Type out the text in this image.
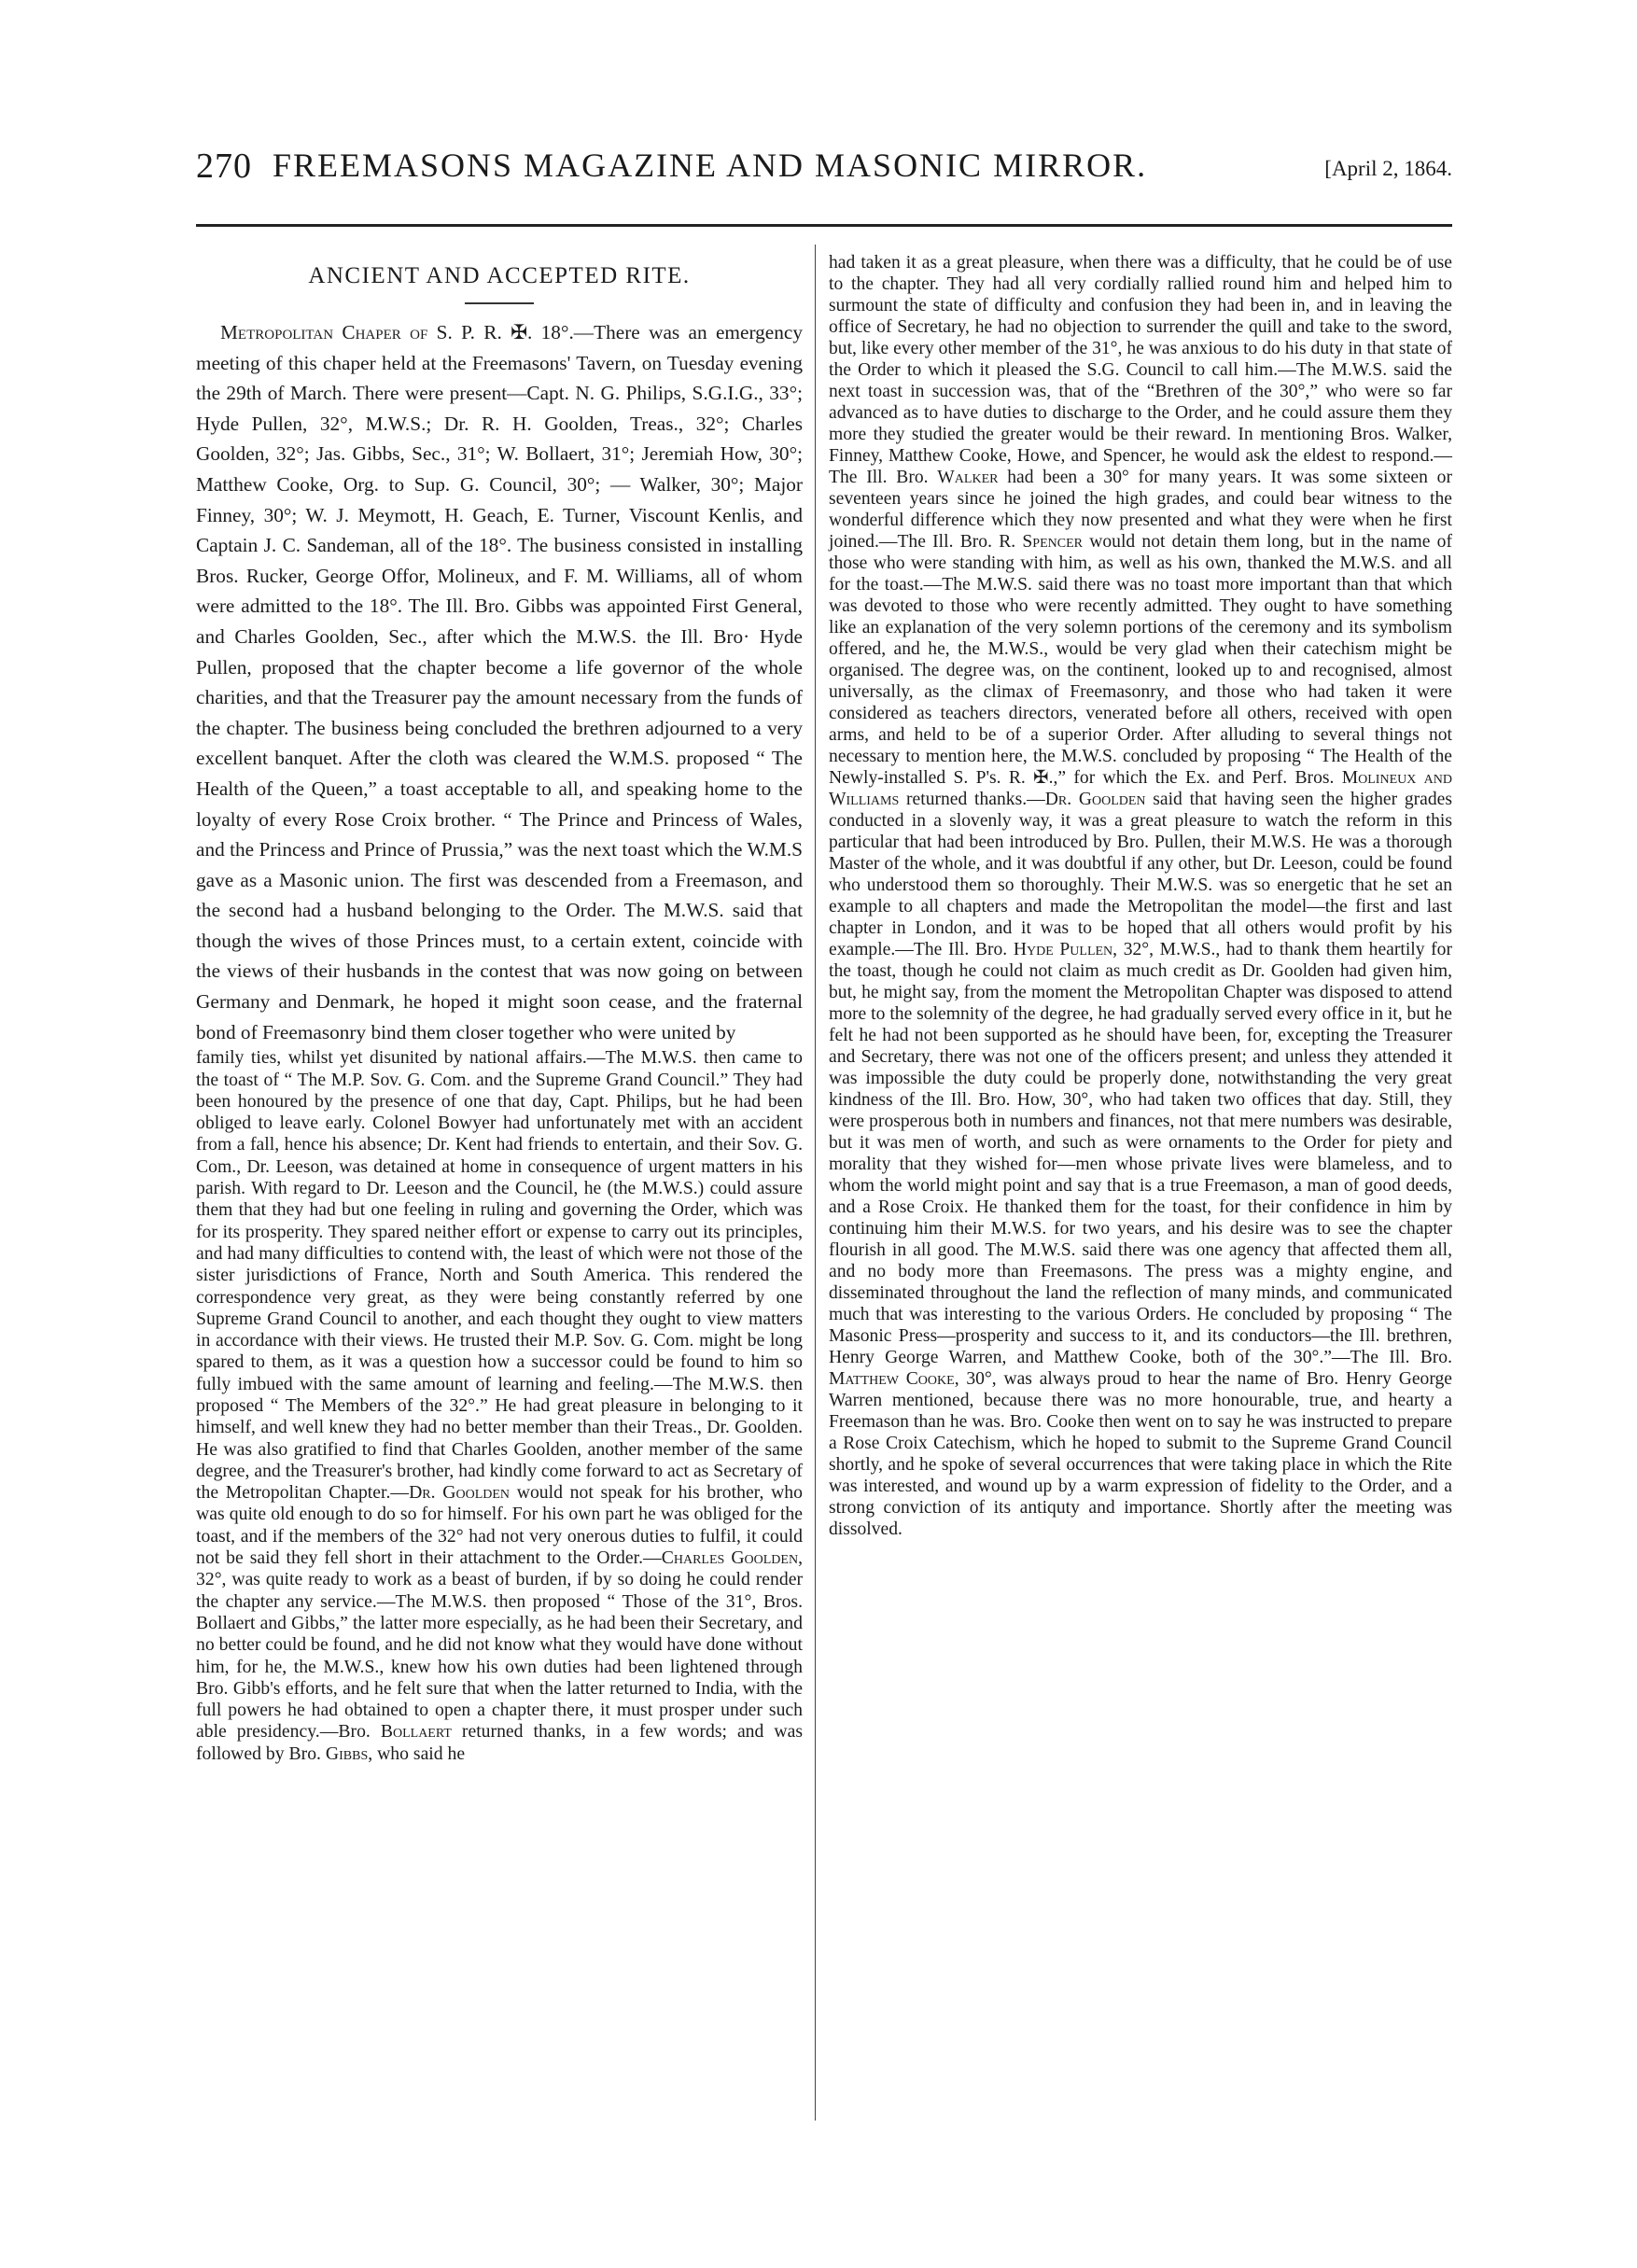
270 FREEMASONS MAGAZINE AND MASONIC MIRROR.	[April 2, 1864.
ANCIENT AND ACCEPTED RITE.

Metropolitan Chaper of S. P. R. ✠. 18°.—There was an emergency meeting of this chaper held at the Freemasons' Tavern, on Tuesday evening the 29th of March. There were present—Capt. N. G. Philips, S.G.I.G., 33°; Hyde Pullen, 32°, M.W.S.; Dr. R. H. Goolden, Treas., 32°; Charles Goolden, 32°; Jas. Gibbs, Sec., 31°; W. Bollaert, 31°; Jeremiah How, 30°; Matthew Cooke, Org. to Sup. G. Council, 30°; — Walker, 30°; Major Finney, 30°; W. J. Meymott, H. Geach, E. Turner, Viscount Kenlis, and Captain J. C. Sandeman, all of the 18°. The business consisted in installing Bros. Rucker, George Offor, Molineux, and F. M. Williams, all of whom were admitted to the 18°. The Ill. Bro. Gibbs was appointed First General, and Charles Goolden, Sec., after which the M.W.S. the Ill. Bro· Hyde Pullen, proposed that the chapter become a life governor of the whole charities, and that the Treasurer pay the amount necessary from the funds of the chapter. The business being concluded the brethren adjourned to a very excellent banquet. After the cloth was cleared the W.M.S. proposed “ The Health of the Queen,” a toast acceptable to all, and speaking home to the loyalty of every Rose Croix brother. “ The Prince and Princess of Wales, and the Princess and Prince of Prussia,” was the next toast which the W.M.S gave as a Masonic union. The first was descended from a Freemason, and the second had a husband belonging to the Order. The M.W.S. said that though the wives of those Princes must, to a certain extent, coincide with the views of their husbands in the contest that was now going on between Germany and Denmark, he hoped it might soon cease, and the fraternal bond of Freemasonry bind them closer together who were united by

family ties, whilst yet disunited by national affairs.—The M.W.S. then came to the toast of “ The M.P. Sov. G. Com. and the Supreme Grand Council.” They had been honoured by the presence of one that day, Capt. Philips, but he had been obliged to leave early. Colonel Bowyer had unfortunately met with an accident from a fall, hence his absence; Dr. Kent had friends to entertain, and their Sov. G. Com., Dr. Leeson, was detained at home in consequence of urgent matters in his parish. With regard to Dr. Leeson and the Council, he (the M.W.S.) could assure them that they had but one feeling in ruling and governing the Order, which was for its prosperity. They spared neither effort or expense to carry out its principles, and had many difficulties to contend with, the least of which were not those of the sister jurisdictions of France, North and South America. This rendered the correspondence very great, as they were being constantly referred by one Supreme Grand Council to another, and each thought they ought to view matters in accordance with their views. He trusted their M.P. Sov. G. Com. might be long spared to them, as it was a question how a successor could be found to him so fully imbued with the same amount of learning and feeling.—The M.W.S. then proposed “ The Members of the 32°.” He had great pleasure in belonging to it himself, and well knew they had no better member than their Treas., Dr. Goolden. He was also gratified to find that Charles Goolden, another member of the same degree, and the Treasurer's brother, had kindly come forward to act as Secretary of the Metropolitan Chapter.—Dr. Goolden would not speak for his brother, who was quite old enough to do so for himself. For his own part he was obliged for the toast, and if the members of the 32° had not very onerous duties to fulfil, it could not be said they fell short in their attachment to the Order.—Charles Goolden, 32°, was quite ready to work as a beast of burden, if by so doing he could render the chapter any service.—The M.W.S. then proposed “ Those of the 31°, Bros. Bollaert and Gibbs,” the latter more especially, as he had been their Secretary, and no better could be found, and he did not know what they would have done without him, for he, the M.W.S., knew how his own duties had been lightened through Bro. Gibb's efforts, and he felt sure that when the latter returned to India, with the full powers he had obtained to open a chapter there, it must prosper under such able presidency.—Bro. Bollaert returned thanks, in a few words; and was followed by Bro. Gibbs, who said he

had taken it as a great pleasure, when there was a difficulty, that he could be of use to the chapter. They had all very cordially rallied round him and helped him to surmount the state of difficulty and confusion they had been in, and in leaving the office of Secretary, he had no objection to surrender the quill and take to the sword, but, like every other member of the 31°, he was anxious to do his duty in that state of the Order to which it pleased the S.G. Council to call him.—The M.W.S. said the next toast in succession was, that of the “Brethren of the 30°,” who were so far advanced as to have duties to discharge to the Order, and he could assure them they more they studied the greater would be their reward. In mentioning Bros. Walker, Finney, Matthew Cooke, Howe, and Spencer, he would ask the eldest to respond.—The Ill. Bro. Walker had been a 30° for many years. It was some sixteen or seventeen years since he joined the high grades, and could bear witness to the wonderful difference which they now presented and what they were when he first joined.—The Ill. Bro. R. Spencer would not detain them long, but in the name of those who were standing with him, as well as his own, thanked the M.W.S. and all for the toast.—The M.W.S. said there was no toast more important than that which was devoted to those who were recently admitted. They ought to have something like an explanation of the very solemn portions of the ceremony and its symbolism offered, and he, the M.W.S., would be very glad when their catechism might be organised. The degree was, on the continent, looked up to and recognised, almost universally, as the climax of Freemasonry, and those who had taken it were considered as teachers directors, venerated before all others, received with open arms, and held to be of a superior Order. After alluding to several things not necessary to mention here, the M.W.S. concluded by proposing “ The Health of the Newly-installed S. P's. R. ✠.,” for which the Ex. and Perf. Bros. Molineux and Williams returned thanks.—Dr. Goolden said that having seen the higher grades conducted in a slovenly way, it was a great pleasure to watch the reform in this particular that had been introduced by Bro. Pullen, their M.W.S. He was a thorough Master of the whole, and it was doubtful if any other, but Dr. Leeson, could be found who understood them so thoroughly. Their M.W.S. was so energetic that he set an example to all chapters and made the Metropolitan the model—the first and last chapter in London, and it was to be hoped that all others would profit by his example.—The Ill. Bro. Hyde Pullen, 32°, M.W.S., had to thank them heartily for the toast, though he could not claim as much credit as Dr. Goolden had given him, but, he might say, from the moment the Metropolitan Chapter was disposed to attend more to the solemnity of the degree, he had gradually served every office in it, but he felt he had not been supported as he should have been, for, excepting the Treasurer and Secretary, there was not one of the officers present; and unless they attended it was impossible the duty could be properly done, notwithstanding the very great kindness of the Ill. Bro. How, 30°, who had taken two offices that day. Still, they were prosperous both in numbers and finances, not that mere numbers was desirable, but it was men of worth, and such as were ornaments to the Order for piety and morality that they wished for—men whose private lives were blameless, and to whom the world might point and say that is a true Freemason, a man of good deeds, and a Rose Croix. He thanked them for the toast, for their confidence in him by continuing him their M.W.S. for two years, and his desire was to see the chapter flourish in all good. The M.W.S. said there was one agency that affected them all, and no body more than Freemasons. The press was a mighty engine, and disseminated throughout the land the reflection of many minds, and communicated much that was interesting to the various Orders. He concluded by proposing “ The Masonic Press—prosperity and success to it, and its conductors—the Ill. brethren, Henry George Warren, and Matthew Cooke, both of the 30°.”—The Ill. Bro. Matthew Cooke, 30°, was always proud to hear the name of Bro. Henry George Warren mentioned, because there was no more honourable, true, and hearty a Freemason than he was. Bro. Cooke then went on to say he was instructed to prepare a Rose Croix Catechism, which he hoped to submit to the Supreme Grand Council shortly, and he spoke of several occurrences that were taking place in which the Rite was interested, and wound up by a warm expression of fidelity to the Order, and a strong conviction of its antiquty and importance. Shortly after the meeting was dissolved.
